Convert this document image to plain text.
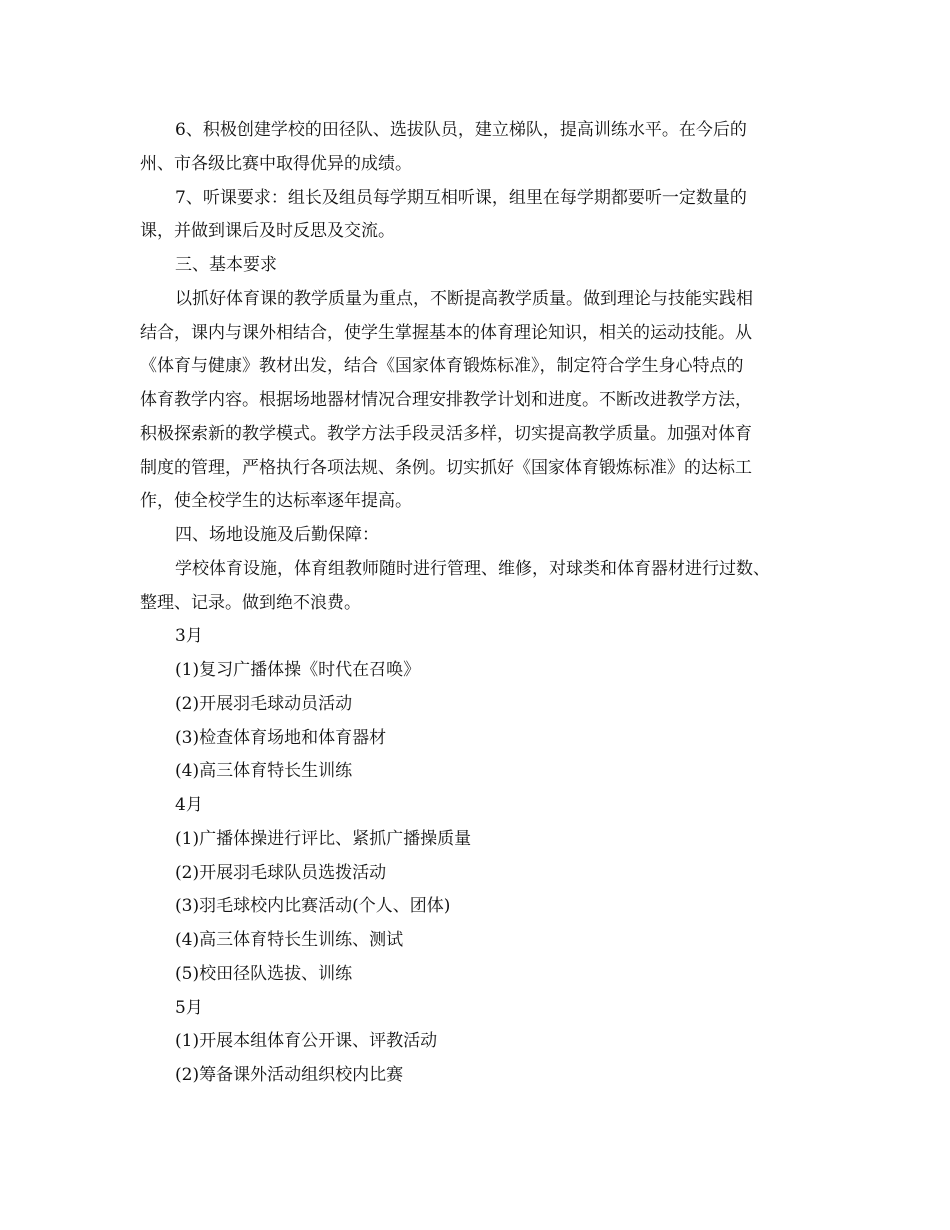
6、积极创建学校的田径队、选拔队员，建立梯队，提高训练水平。在今后的
州、市各级比赛中取得优异的成绩。
7、听课要求：组长及组员每学期互相听课，组里在每学期都要听一定数量的
课，并做到课后及时反思及交流。
三、基本要求
以抓好体育课的教学质量为重点，不断提高教学质量。做到理论与技能实践相
结合，课内与课外相结合，使学生掌握基本的体育理论知识，相关的运动技能。从
《体育与健康》教材出发，结合《国家体育锻炼标准》，制定符合学生身心特点的
体育教学内容。根据场地器材情况合理安排教学计划和进度。不断改进教学方法，
积极探索新的教学模式。教学方法手段灵活多样，切实提高教学质量。加强对体育
制度的管理，严格执行各项法规、条例。切实抓好《国家体育锻炼标准》的达标工
作，使全校学生的达标率逐年提高。
四、场地设施及后勤保障：
学校体育设施，体育组教师随时进行管理、维修，对球类和体育器材进行过数、
整理、记录。做到绝不浪费。
3月
(1)复习广播体操《时代在召唤》
(2)开展羽毛球动员活动
(3)检查体育场地和体育器材
(4)高三体育特长生训练
4月
(1)广播体操进行评比、紧抓广播操质量
(2)开展羽毛球队员选拨活动
(3)羽毛球校内比赛活动(个人、团体)
(4)高三体育特长生训练、测试
(5)校田径队选拔、训练
5月
(1)开展本组体育公开课、评教活动
(2)筹备课外活动组织校内比赛
